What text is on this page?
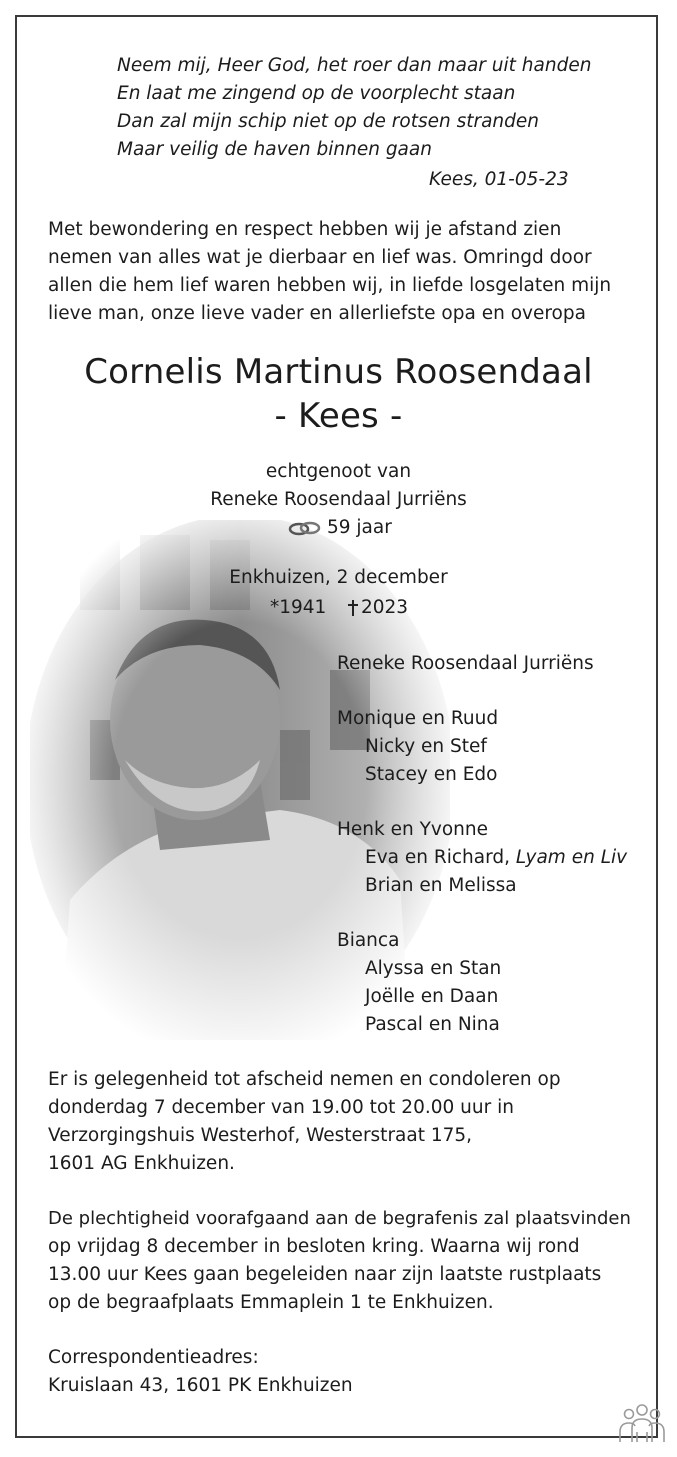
Neem mij, Heer God, het roer dan maar uit handen
En laat me zingend op de voorplecht staan
Dan zal mijn schip niet op de rotsen stranden
Maar veilig de haven binnen gaan
Kees, 01-05-23
Met bewondering en respect hebben wij je afstand zien
nemen van alles wat je dierbaar en lief was. Omringd door
allen die hem lief waren hebben wij, in liefde losgelaten mijn
lieve man, onze lieve vader en allerliefste opa en overopa
Cornelis Martinus Roosendaal
- Kees -
echtgenoot van
Reneke Roosendaal Jurriëns
59 jaar
Enkhuizen, 2 december
*1941 2023
Reneke Roosendaal Jurriëns
Monique en Ruud
Nicky en Stef
Stacey en Edo
Henk en Yvonne
Eva en Richard, Lyam en Liv
Brian en Melissa
Bianca
Alyssa en Stan
Joëlle en Daan
Pascal en Nina
Er is gelegenheid tot afscheid nemen en condoleren op
donderdag 7 december van 19.00 tot 20.00 uur in
Verzorgingshuis Westerhof, Westerstraat 175,
1601 AG Enkhuizen.
De plechtigheid voorafgaand aan de begrafenis zal plaatsvinden
op vrijdag 8 december in besloten kring. Waarna wij rond
13.00 uur Kees gaan begeleiden naar zijn laatste rustplaats
op de begraafplaats Emmaplein 1 te Enkhuizen.
Correspondentieadres:
Kruislaan 43, 1601 PK Enkhuizen
